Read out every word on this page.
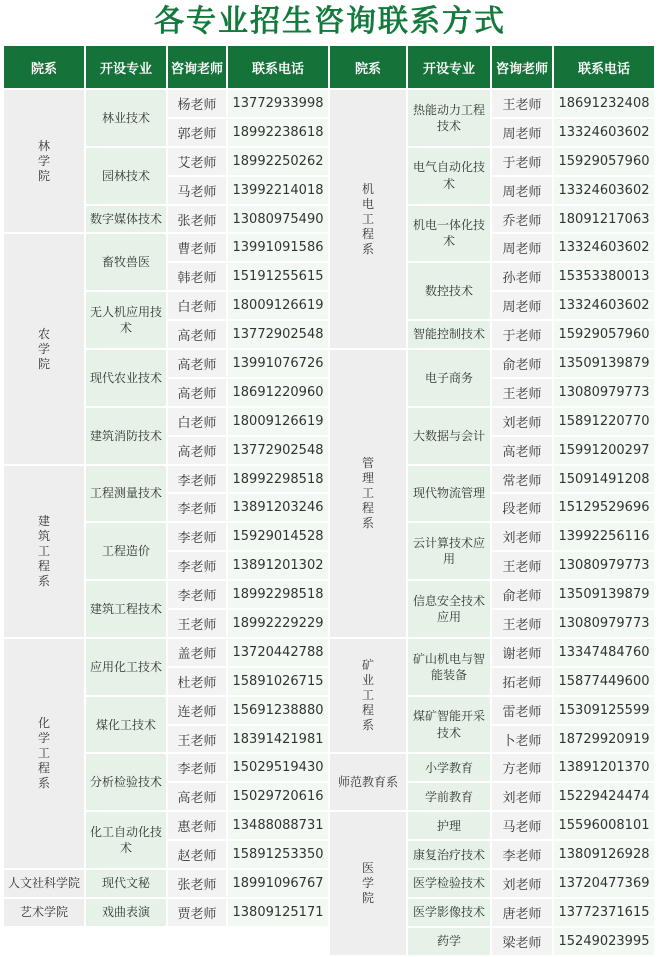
各专业招生咨询联系方式
院系	开设专业	咨询老师	联系电话

林学院	林业技术	杨老师	13772933998
		郭老师	18992238618
	园林技术	艾老师	18992250262
		马老师	13992214018
	数字媒体技术	张老师	13080975490

农学院	畜牧兽医	曹老师	13991091586
		韩老师	15191255615
	无人机应用技术	白老师	18009126619
		高老师	13772902548
	现代农业技术	高老师	13991076726
		高老师	18691220960
	建筑消防技术	白老师	18009126619
		高老师	13772902548

建筑工程系	工程测量技术	李老师	18992298518
		李老师	13891203246
	工程造价	李老师	15929014528
		李老师	13891201302
	建筑工程技术	李老师	18992298518
		王老师	18992229229

化学工程系	应用化工技术	盖老师	13720442788
		杜老师	15891026715
	煤化工技术	连老师	15691238880
		王老师	18391421981
	分析检验技术	李老师	15029519430
		高老师	15029720616
	化工自动化技术	惠老师	13488088731
		赵老师	15891253350
人文社科学院	现代文秘	张老师	18991096767
艺术学院	戏曲表演	贾老师	13809125171
院系	开设专业	咨询老师	联系电话

机电工程系	热能动力工程技术	王老师	18691232408
		周老师	13324603602
	电气自动化技术	于老师	15929057960
		周老师	13324603602
	机电一体化技术	乔老师	18091217063
		周老师	13324603602
	数控技术	孙老师	15353380013
		周老师	13324603602
	智能控制技术	于老师	15929057960

管理工程系	电子商务	俞老师	13509139879
		王老师	13080979773
	大数据与会计	刘老师	15891220770
		高老师	15991200297
	现代物流管理	常老师	15091491208
		段老师	15129529696
	云计算技术应用	刘老师	13992256116
		王老师	13080979773
	信息安全技术应用	俞老师	13509139879
		王老师	13080979773

矿业工程系	矿山机电与智能装备	谢老师	13347484760
		拓老师	15877449600
	煤矿智能开采技术	雷老师	15309125599
		卜老师	18729920919
师范教育系	小学教育	方老师	13891201370
	学前教育	刘老师	15229424474

医学院	护理	马老师	15596008101
	康复治疗技术	李老师	13809126928
	医学检验技术	刘老师	13720477369
	医学影像技术	唐老师	13772371615
	药学	梁老师	15249023995
